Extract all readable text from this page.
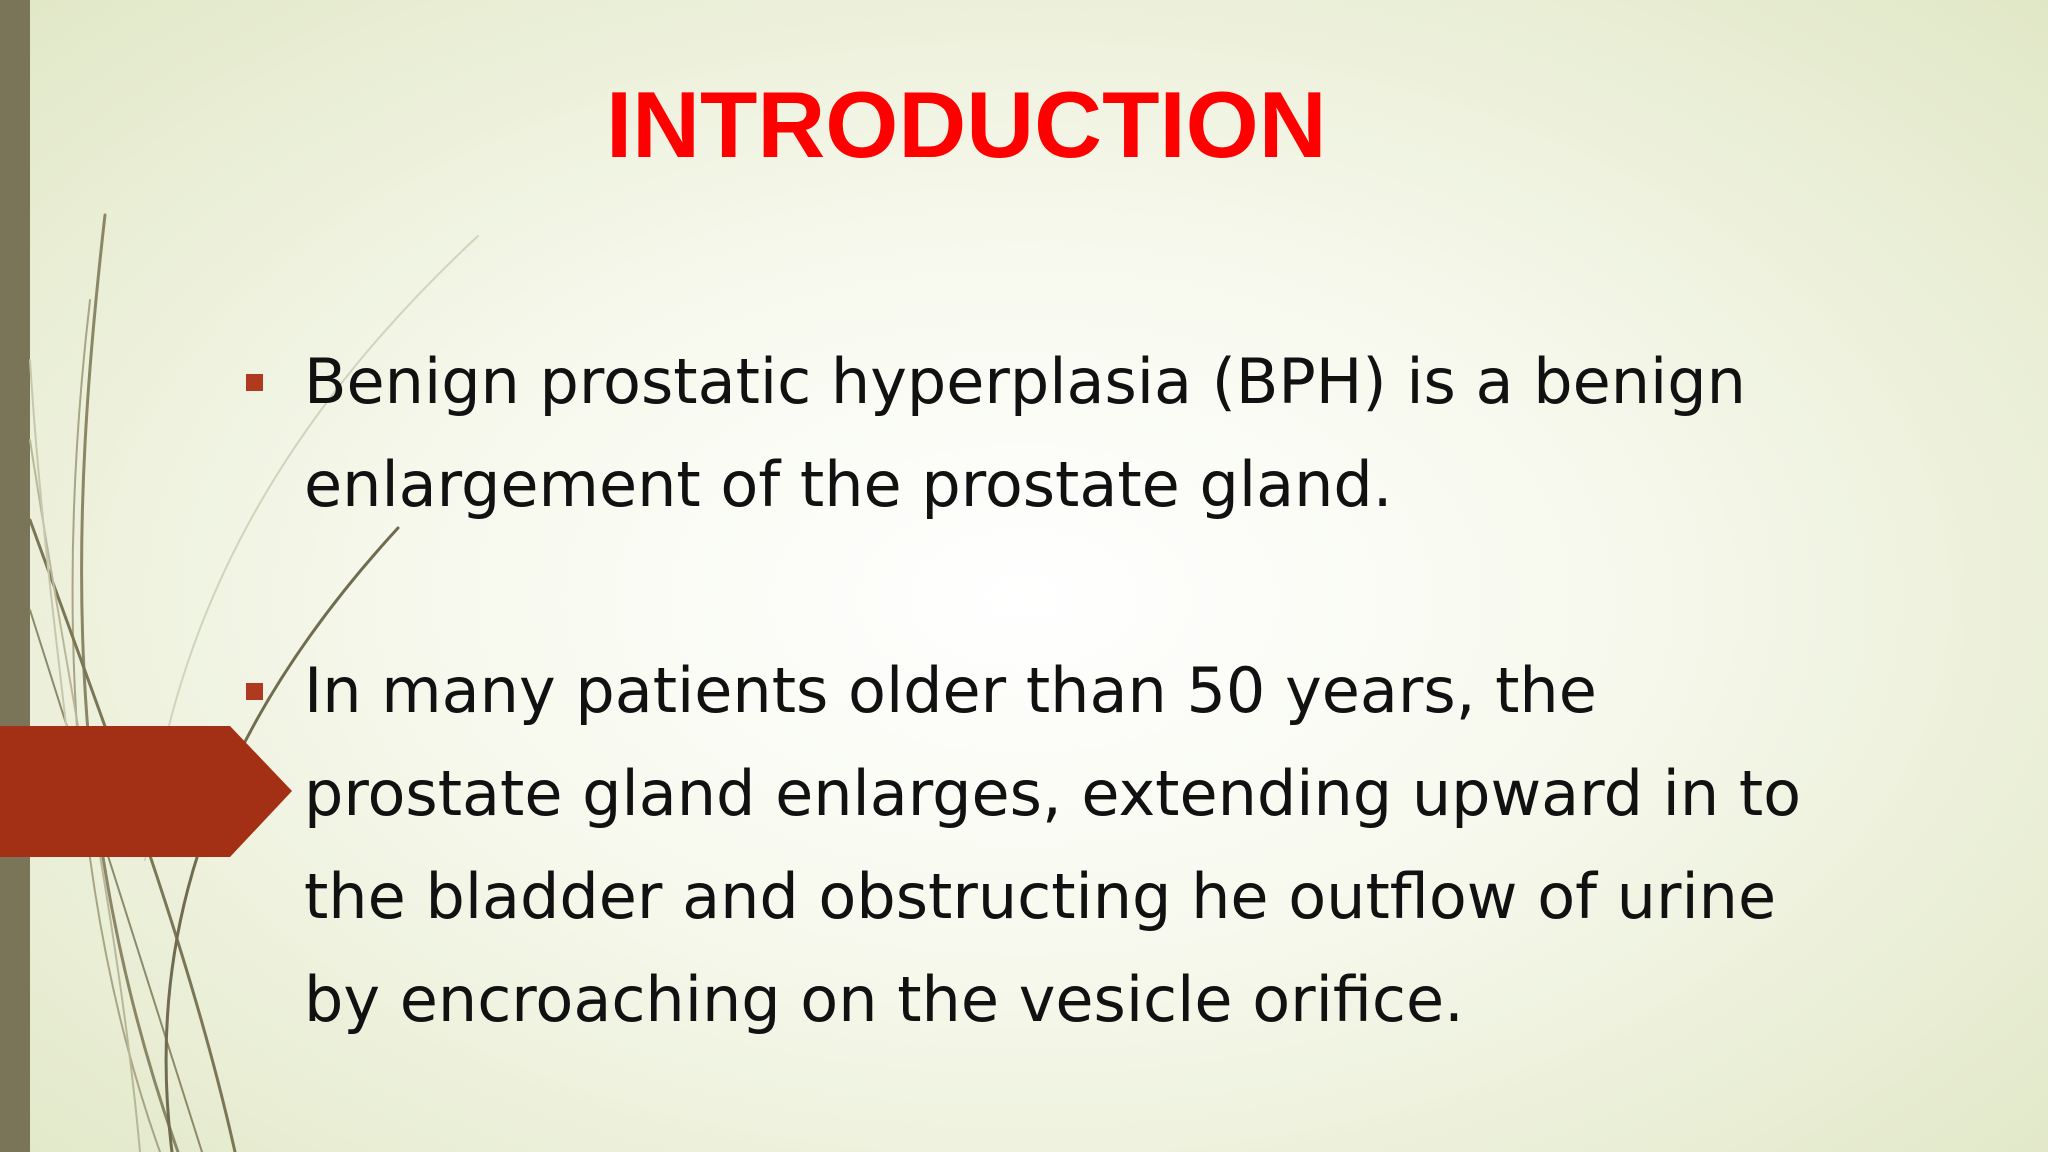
INTRODUCTION
Benign prostatic hyperplasia (BPH) is a benign enlargement of the prostate gland.
In many patients older than 50 years, the prostate gland enlarges, extending upward in to the bladder and obstructing he outflow of urine by encroaching on the vesicle orifice.
